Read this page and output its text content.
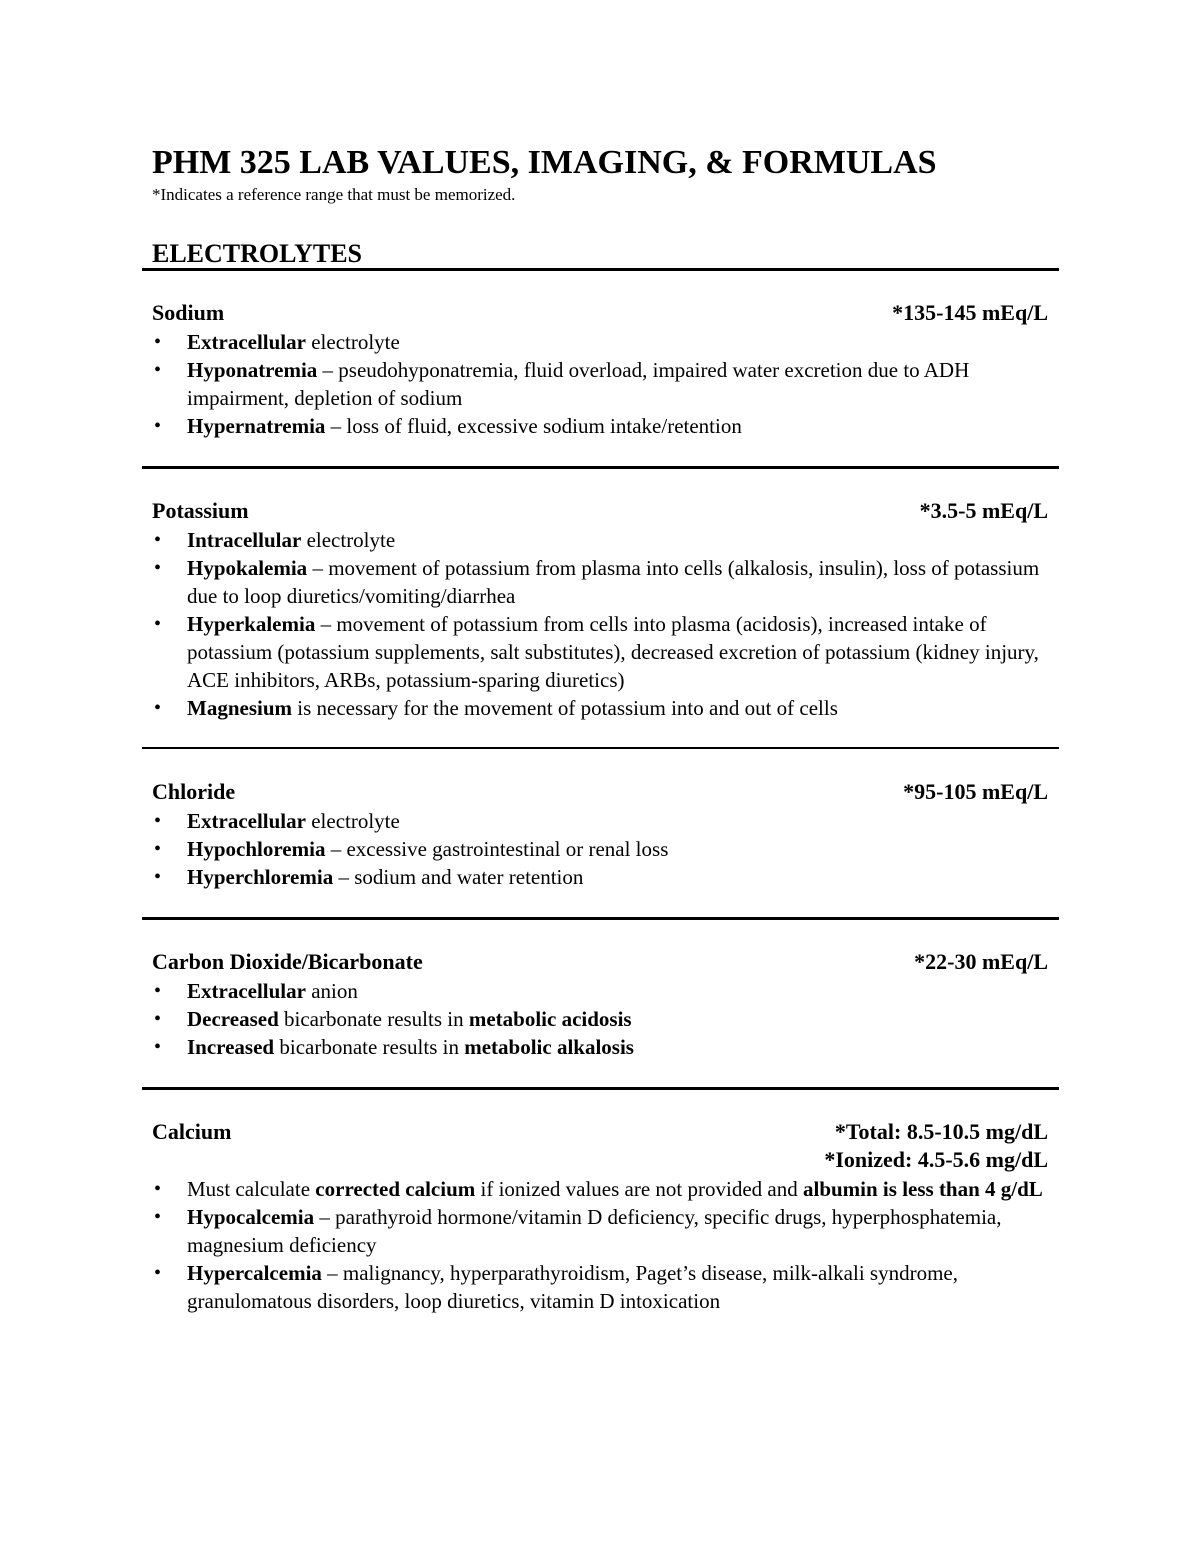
PHM 325 LAB VALUES, IMAGING, & FORMULAS
*Indicates a reference range that must be memorized.
ELECTROLYTES
Sodium	*135-145 mEq/L
• Extracellular electrolyte
• Hyponatremia – pseudohyponatremia, fluid overload, impaired water excretion due to ADH impairment, depletion of sodium
• Hypernatremia – loss of fluid, excessive sodium intake/retention
Potassium	*3.5-5 mEq/L
• Intracellular electrolyte
• Hypokalemia – movement of potassium from plasma into cells (alkalosis, insulin), loss of potassium due to loop diuretics/vomiting/diarrhea
• Hyperkalemia – movement of potassium from cells into plasma (acidosis), increased intake of potassium (potassium supplements, salt substitutes), decreased excretion of potassium (kidney injury, ACE inhibitors, ARBs, potassium-sparing diuretics)
• Magnesium is necessary for the movement of potassium into and out of cells
Chloride	*95-105 mEq/L
• Extracellular electrolyte
• Hypochloremia – excessive gastrointestinal or renal loss
• Hyperchloremia – sodium and water retention
Carbon Dioxide/Bicarbonate	*22-30 mEq/L
• Extracellular anion
• Decreased bicarbonate results in metabolic acidosis
• Increased bicarbonate results in metabolic alkalosis
Calcium	*Total: 8.5-10.5 mg/dL
*Ionized: 4.5-5.6 mg/dL
• Must calculate corrected calcium if ionized values are not provided and albumin is less than 4 g/dL
• Hypocalcemia – parathyroid hormone/vitamin D deficiency, specific drugs, hyperphosphatemia, magnesium deficiency
• Hypercalcemia – malignancy, hyperparathyroidism, Paget’s disease, milk-alkali syndrome, granulomatous disorders, loop diuretics, vitamin D intoxication
